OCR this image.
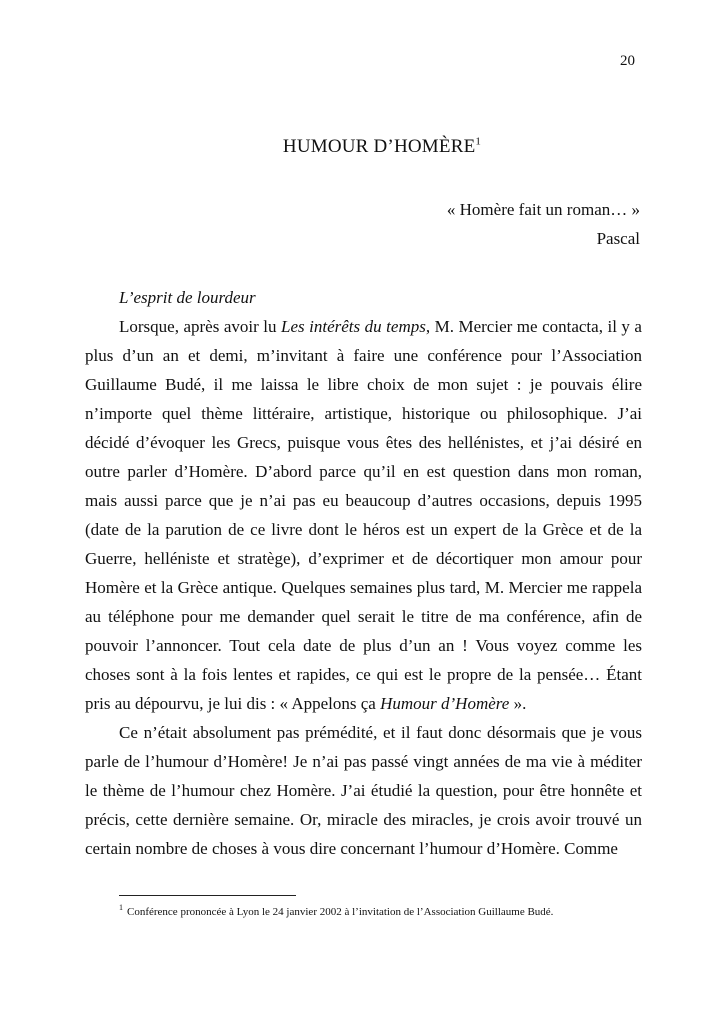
20
HUMOUR D’HOMÈRE$^1$
« Homère fait un roman… »
Pascal

L’esprit de lourdeur

Lorsque, après avoir lu Les intérêts du temps, M. Mercier me contacta, il y a plus d’un an et demi, m’invitant à faire une conférence pour l’Association Guillaume Budé, il me laissa le libre choix de mon sujet : je pouvais élire n’importe quel thème littéraire, artistique, historique ou philosophique. J’ai décidé d’évoquer les Grecs, puisque vous êtes des hellénistes, et j’ai désiré en outre parler d’Homère. D’abord parce qu’il en est question dans mon roman, mais aussi parce que je n’ai pas eu beaucoup d’autres occasions, depuis 1995 (date de la parution de ce livre dont le héros est un expert de la Grèce et de la Guerre, helléniste et stratège), d’exprimer et de décortiquer mon amour pour Homère et la Grèce antique. Quelques semaines plus tard, M. Mercier me rappela au téléphone pour me demander quel serait le titre de ma conférence, afin de pouvoir l’annoncer. Tout cela date de plus d’un an ! Vous voyez comme les choses sont à la fois lentes et rapides, ce qui est le propre de la pensée… Étant pris au dépourvu, je lui dis : « Appelons ça Humour d’Homère ».

Ce n’était absolument pas prémédité, et il faut donc désormais que je vous parle de l’humour d’Homère! Je n’ai pas passé vingt années de ma vie à méditer le thème de l’humour chez Homère. J’ai étudié la question, pour être honnête et précis, cette dernière semaine. Or, miracle des miracles, je crois avoir trouvé un certain nombre de choses à vous dire concernant l’humour d’Homère. Comme

$^1$ Conférence prononcée à Lyon le 24 janvier 2002 à l’invitation de l’Association Guillaume Budé.
